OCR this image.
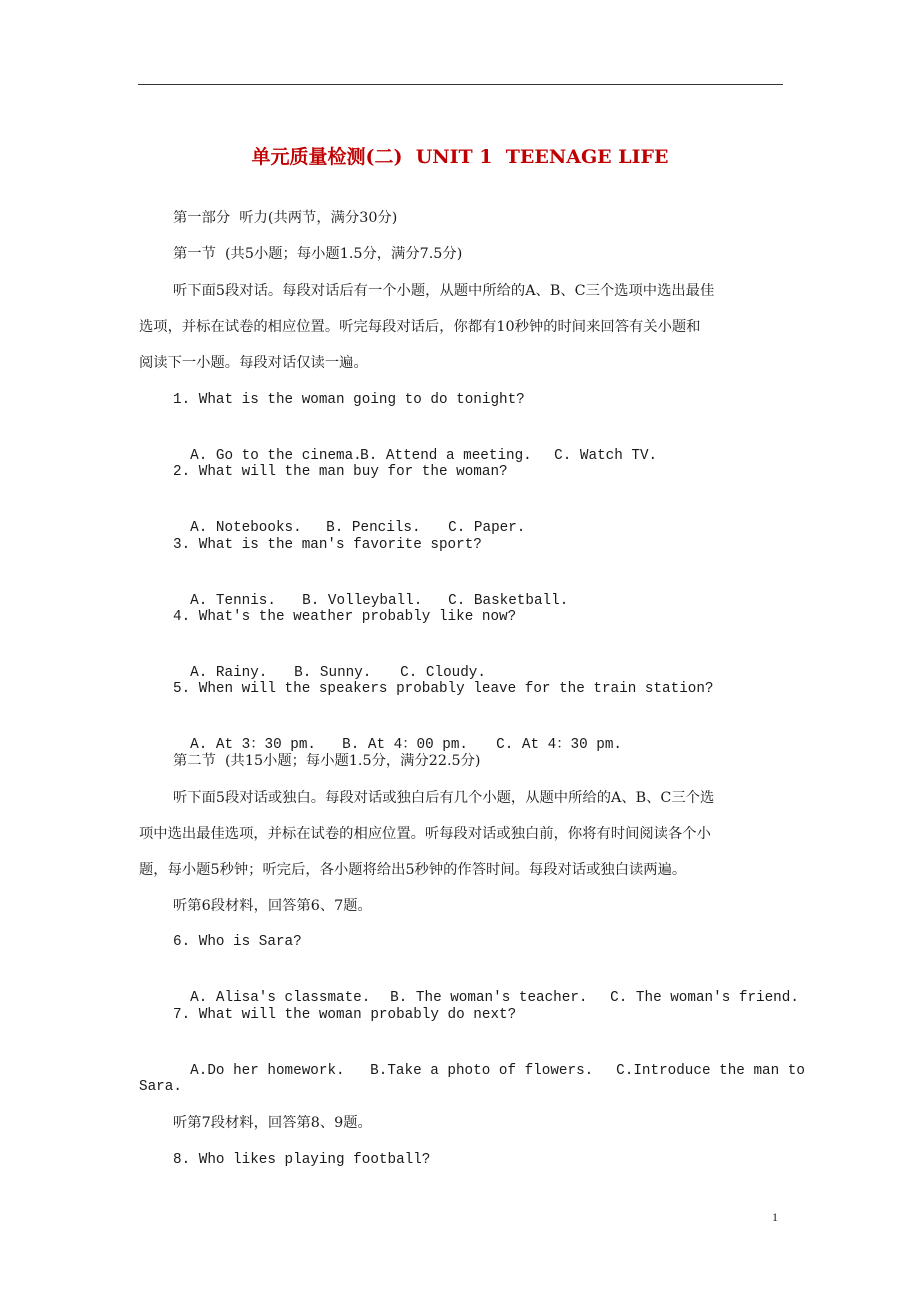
单元质量检测(二)  UNIT 1  TEENAGE LIFE
第一部分  听力(共两节，满分30分)
第一节  (共5小题；每小题1.5分，满分7.5分)
听下面5段对话。每段对话后有一个小题，从题中所给的A、B、C三个选项中选出最佳
选项，并标在试卷的相应位置。听完每段对话后，你都有10秒钟的时间来回答有关小题和
阅读下一小题。每段对话仅读一遍。
1. What is the woman going to do tonight?

A. Go to the cinema.B. Attend a meeting. C. Watch TV.

2. What will the man buy for the woman?

A. Notebooks. B. Pencils. C. Paper.

3. What is the man's favorite sport?

A. Tennis. B. Volleyball. C. Basketball.

4. What's the weather probably like now?

A. Rainy. B. Sunny. C. Cloudy.

5. When will the speakers probably leave for the train station?

A. At 3：30 pm. B. At 4：00 pm. C. At 4：30 pm.

第二节  (共15小题；每小题1.5分，满分22.5分)
听下面5段对话或独白。每段对话或独白后有几个小题，从题中所给的A、B、C三个选
项中选出最佳选项，并标在试卷的相应位置。听每段对话或独白前，你将有时间阅读各个小
题，每小题5秒钟；听完后，各小题将给出5秒钟的作答时间。每段对话或独白读两遍。
听第6段材料，回答第6、7题。
6. Who is Sara?

A. Alisa's classmate. B. The woman's teacher. C. The woman's friend.

7. What will the woman probably do next?

A.Do her homework. B.Take a photo of flowers. C.Introduce the man to

Sara.
听第7段材料，回答第8、9题。
8. Who likes playing football?
1
